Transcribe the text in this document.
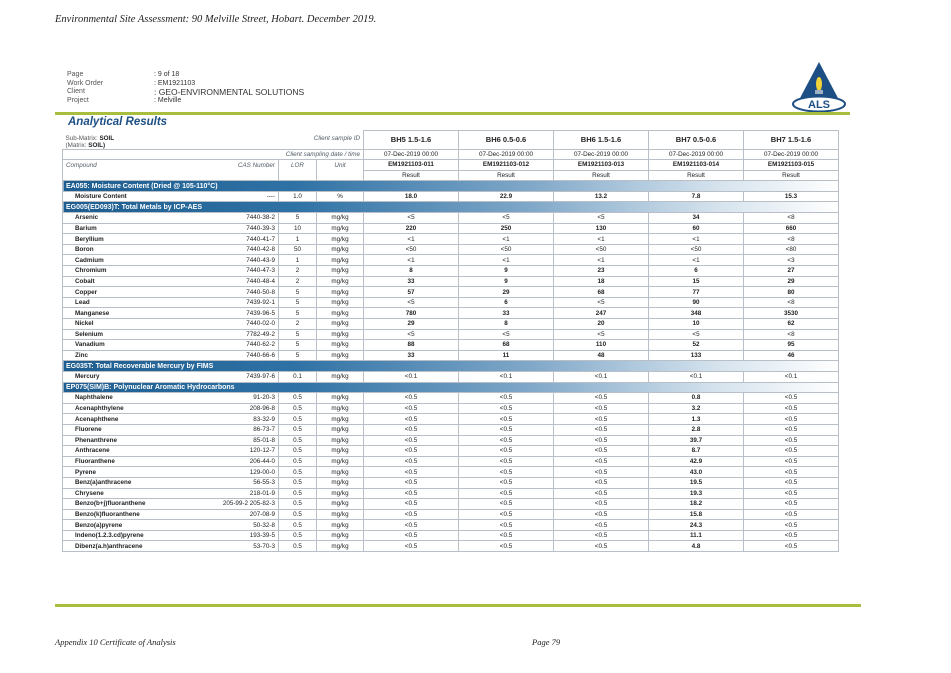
Environmental Site Assessment: 90 Melville Street, Hobart. December 2019.
Page	: 9 of 18
Work Order	: EM1921103
Client	: GEO-ENVIRONMENTAL SOLUTIONS
Project	: Melville	ALS
Analytical Results
Sub-Matrix: SOIL
(Matrix: SOIL)		Client sample ID		BH5 1.5-1.6	BH6 0.5-0.6	BH6 1.5-1.6	BH7 0.5-0.6	BH7 1.5-1.6
Client sampling date / time				07-Dec-2019 00:00	07-Dec-2019 00:00	07-Dec-2019 00:00	07-Dec-2019 00:00	07-Dec-2019 00:00
Compound	CAS Number	LOR	Unit	EM1921103-011	EM1921103-012	EM1921103-013	EM1921103-014	EM1921103-015
				Result	Result	Result	Result	Result
EA055: Moisture Content (Dried @ 105-110°C)								
Moisture Content	----	1.0	%	18.0	22.9	13.2	7.8	15.3
EG005(ED093)T: Total Metals by ICP-AES								
Arsenic	7440-38-2	5	mg/kg	<5	<5	<5	34	<8
Barium	7440-39-3	10	mg/kg	220	250	130	60	660
Beryllium	7440-41-7	1	mg/kg	<1	<1	<1	<1	<8
Boron	7440-42-8	50	mg/kg	<50	<50	<50	<50	<80
Cadmium	7440-43-9	1	mg/kg	<1	<1	<1	<1	<3
Chromium	7440-47-3	2	mg/kg	8	9	23	6	27
Cobalt	7440-48-4	2	mg/kg	33	9	18	15	29
Copper	7440-50-8	5	mg/kg	57	29	68	77	80
Lead	7439-92-1	5	mg/kg	<5	6	<5	90	<8
Manganese	7439-96-5	5	mg/kg	780	33	247	348	3530
Nickel	7440-02-0	2	mg/kg	29	8	20	10	62
Selenium	7782-49-2	5	mg/kg	<5	<5	<5	<5	<8
Vanadium	7440-62-2	5	mg/kg	88	68	110	52	95
Zinc	7440-66-6	5	mg/kg	33	11	48	133	46
EG035T: Total Recoverable Mercury by FIMS								
Mercury	7439-97-6	0.1	mg/kg	<0.1	<0.1	<0.1	<0.1	<0.1
EP075(SIM)B: Polynuclear Aromatic Hydrocarbons								
Naphthalene	91-20-3	0.5	mg/kg	<0.5	<0.5	<0.5	0.8	<0.5
Acenaphthylene	208-96-8	0.5	mg/kg	<0.5	<0.5	<0.5	3.2	<0.5
Acenaphthene	83-32-9	0.5	mg/kg	<0.5	<0.5	<0.5	1.3	<0.5
Fluorene	86-73-7	0.5	mg/kg	<0.5	<0.5	<0.5	2.8	<0.5
Phenanthrene	85-01-8	0.5	mg/kg	<0.5	<0.5	<0.5	39.7	<0.5
Anthracene	120-12-7	0.5	mg/kg	<0.5	<0.5	<0.5	8.7	<0.5
Fluoranthene	206-44-0	0.5	mg/kg	<0.5	<0.5	<0.5	42.9	<0.5
Pyrene	129-00-0	0.5	mg/kg	<0.5	<0.5	<0.5	43.0	<0.5
Benz(a)anthracene	56-55-3	0.5	mg/kg	<0.5	<0.5	<0.5	19.5	<0.5
Chrysene	218-01-9	0.5	mg/kg	<0.5	<0.5	<0.5	19.3	<0.5
Benzo(b+j)fluoranthene	205-99-2 205-82-3	0.5	mg/kg	<0.5	<0.5	<0.5	18.2	<0.5
Benzo(k)fluoranthene	207-08-9	0.5	mg/kg	<0.5	<0.5	<0.5	15.8	<0.5
Benzo(a)pyrene	50-32-8	0.5	mg/kg	<0.5	<0.5	<0.5	24.3	<0.5
Indeno(1.2.3.cd)pyrene	193-39-5	0.5	mg/kg	<0.5	<0.5	<0.5	11.1	<0.5
Dibenz(a.h)anthracene	53-70-3	0.5	mg/kg	<0.5	<0.5	<0.5	4.8	<0.5
Appendix 10 Certificate of Analysis	Page 79
